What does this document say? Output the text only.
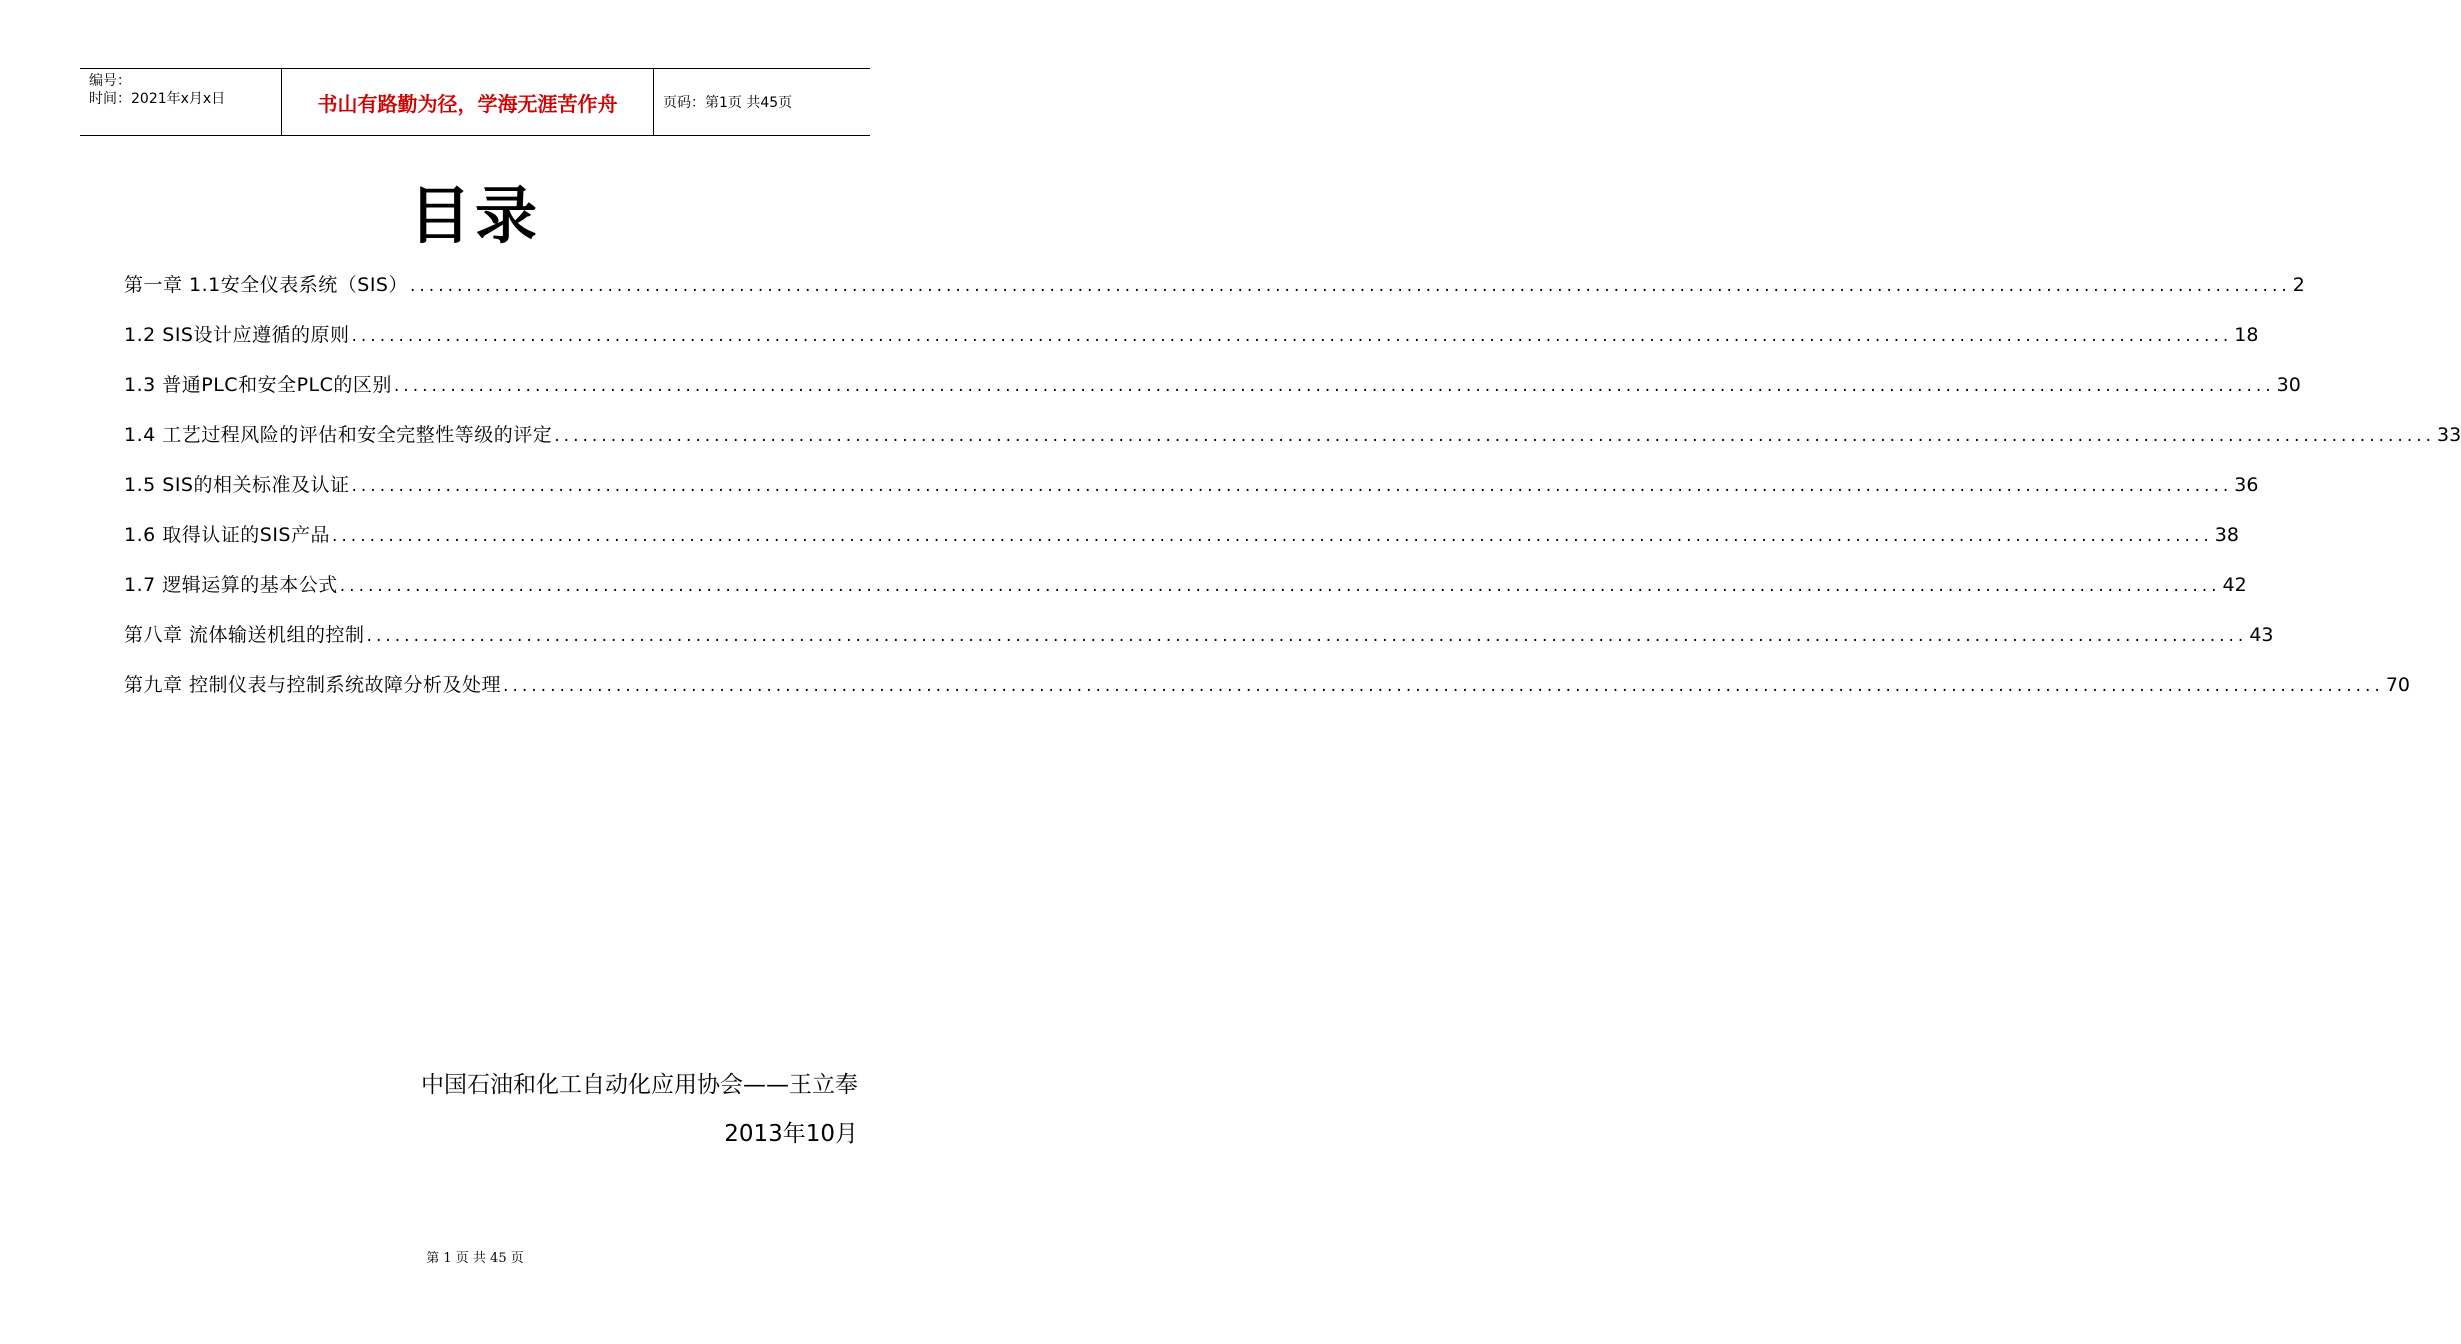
编号：
时间：2021年x月x日	书山有路勤为径，学海无涯苦作舟	页码：第1页 共45页
目录
第一章 1.1安全仪表系统（SIS） ........................................................................................................................................................................................................ 2
1.2 SIS设计应遵循的原则 ........................................................................................................................................................................................................ 18
1.3 普通PLC和安全PLC的区别 ........................................................................................................................................................................................................ 30
1.4 工艺过程风险的评估和安全完整性等级的评定 ........................................................................................................................................................................................................ 33
1.5 SIS的相关标准及认证 ........................................................................................................................................................................................................ 36
1.6 取得认证的SIS产品 ........................................................................................................................................................................................................ 38
1.7 逻辑运算的基本公式 ........................................................................................................................................................................................................ 42
第八章 流体输送机组的控制 ........................................................................................................................................................................................................ 43
第九章 控制仪表与控制系统故障分析及处理 ........................................................................................................................................................................................................ 70
中国石油和化工自动化应用协会——王立奉
2013年10月
第 1 页 共 45 页
